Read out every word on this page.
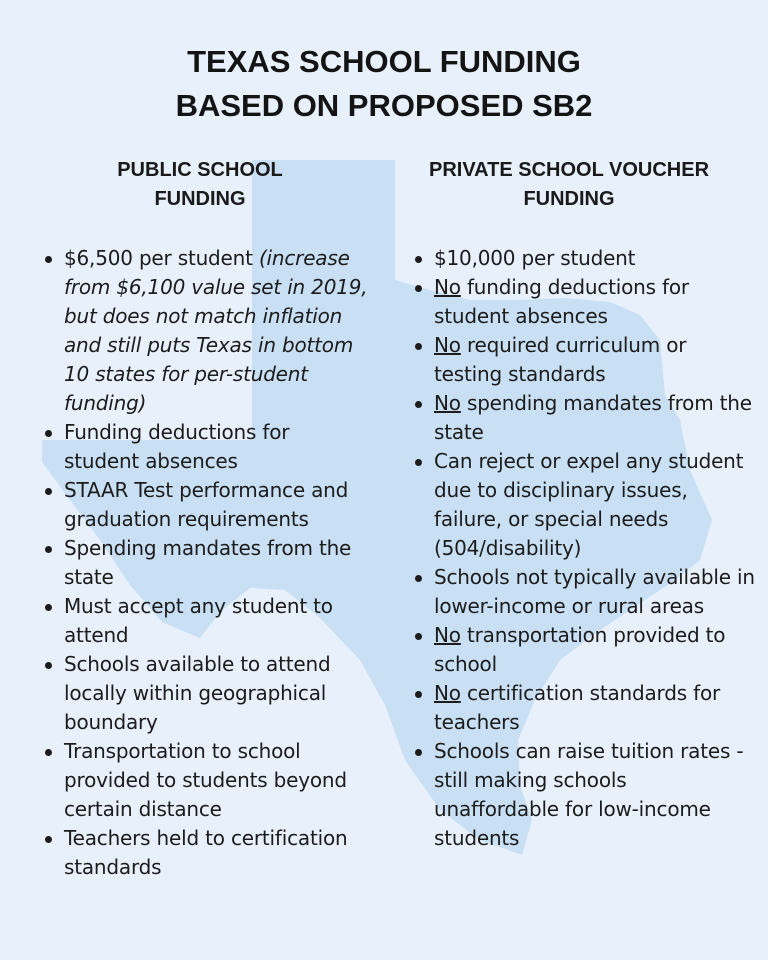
TEXAS SCHOOL FUNDING
BASED ON PROPOSED SB2
PUBLIC SCHOOL
FUNDING
PRIVATE SCHOOL VOUCHER
FUNDING
$6,500 per student (increase from $6,100 value set in 2019, but does not match inflation and still puts Texas in bottom 10 states for per-student funding)
Funding deductions for student absences
STAAR Test performance and graduation requirements
Spending mandates from the state
Must accept any student to attend
Schools available to attend locally within geographical boundary
Transportation to school provided to students beyond certain distance
Teachers held to certification standards
$10,000 per student
No funding deductions for student absences
No required curriculum or testing standards
No spending mandates from the state
Can reject or expel any student due to disciplinary issues, failure, or special needs (504/disability)
Schools not typically available in lower-income or rural areas
No transportation provided to school
No certification standards for teachers
Schools can raise tuition rates - still making schools unaffordable for low-income students
